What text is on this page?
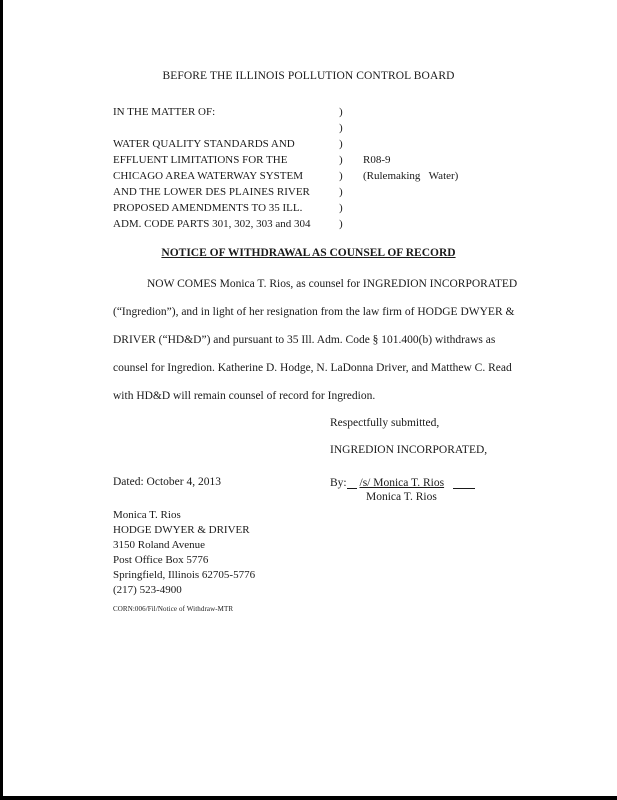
BEFORE THE ILLINOIS POLLUTION CONTROL BOARD
IN THE MATTER OF:	)
)
WATER QUALITY STANDARDS AND	)
EFFLUENT LIMITATIONS FOR THE	)	R08-9
CHICAGO AREA WATERWAY SYSTEM	)	(Rulemaking   Water)
AND THE LOWER DES PLAINES RIVER	)
PROPOSED AMENDMENTS TO 35 ILL.	)
ADM. CODE PARTS 301, 302, 303 and 304	)
NOTICE OF WITHDRAWAL AS COUNSEL OF RECORD
NOW COMES Monica T. Rios, as counsel for INGREDION INCORPORATED
(“Ingredion”), and in light of her resignation from the law firm of HODGE DWYER &
DRIVER (“HD&D”) and pursuant to 35 Ill. Adm. Code § 101.400(b) withdraws as
counsel for Ingredion. Katherine D. Hodge, N. LaDonna Driver, and Matthew C. Read
with HD&D will remain counsel of record for Ingredion.
Respectfully submitted,
INGREDION INCORPORATED,
Dated: October 4, 2013	By: /s/ Monica T. Rios
Monica T. Rios
Monica T. Rios
HODGE DWYER & DRIVER
3150 Roland Avenue
Post Office Box 5776
Springfield, Illinois 62705-5776
(217) 523-4900
CORN:006/Fil/Notice of Withdraw-MTR
